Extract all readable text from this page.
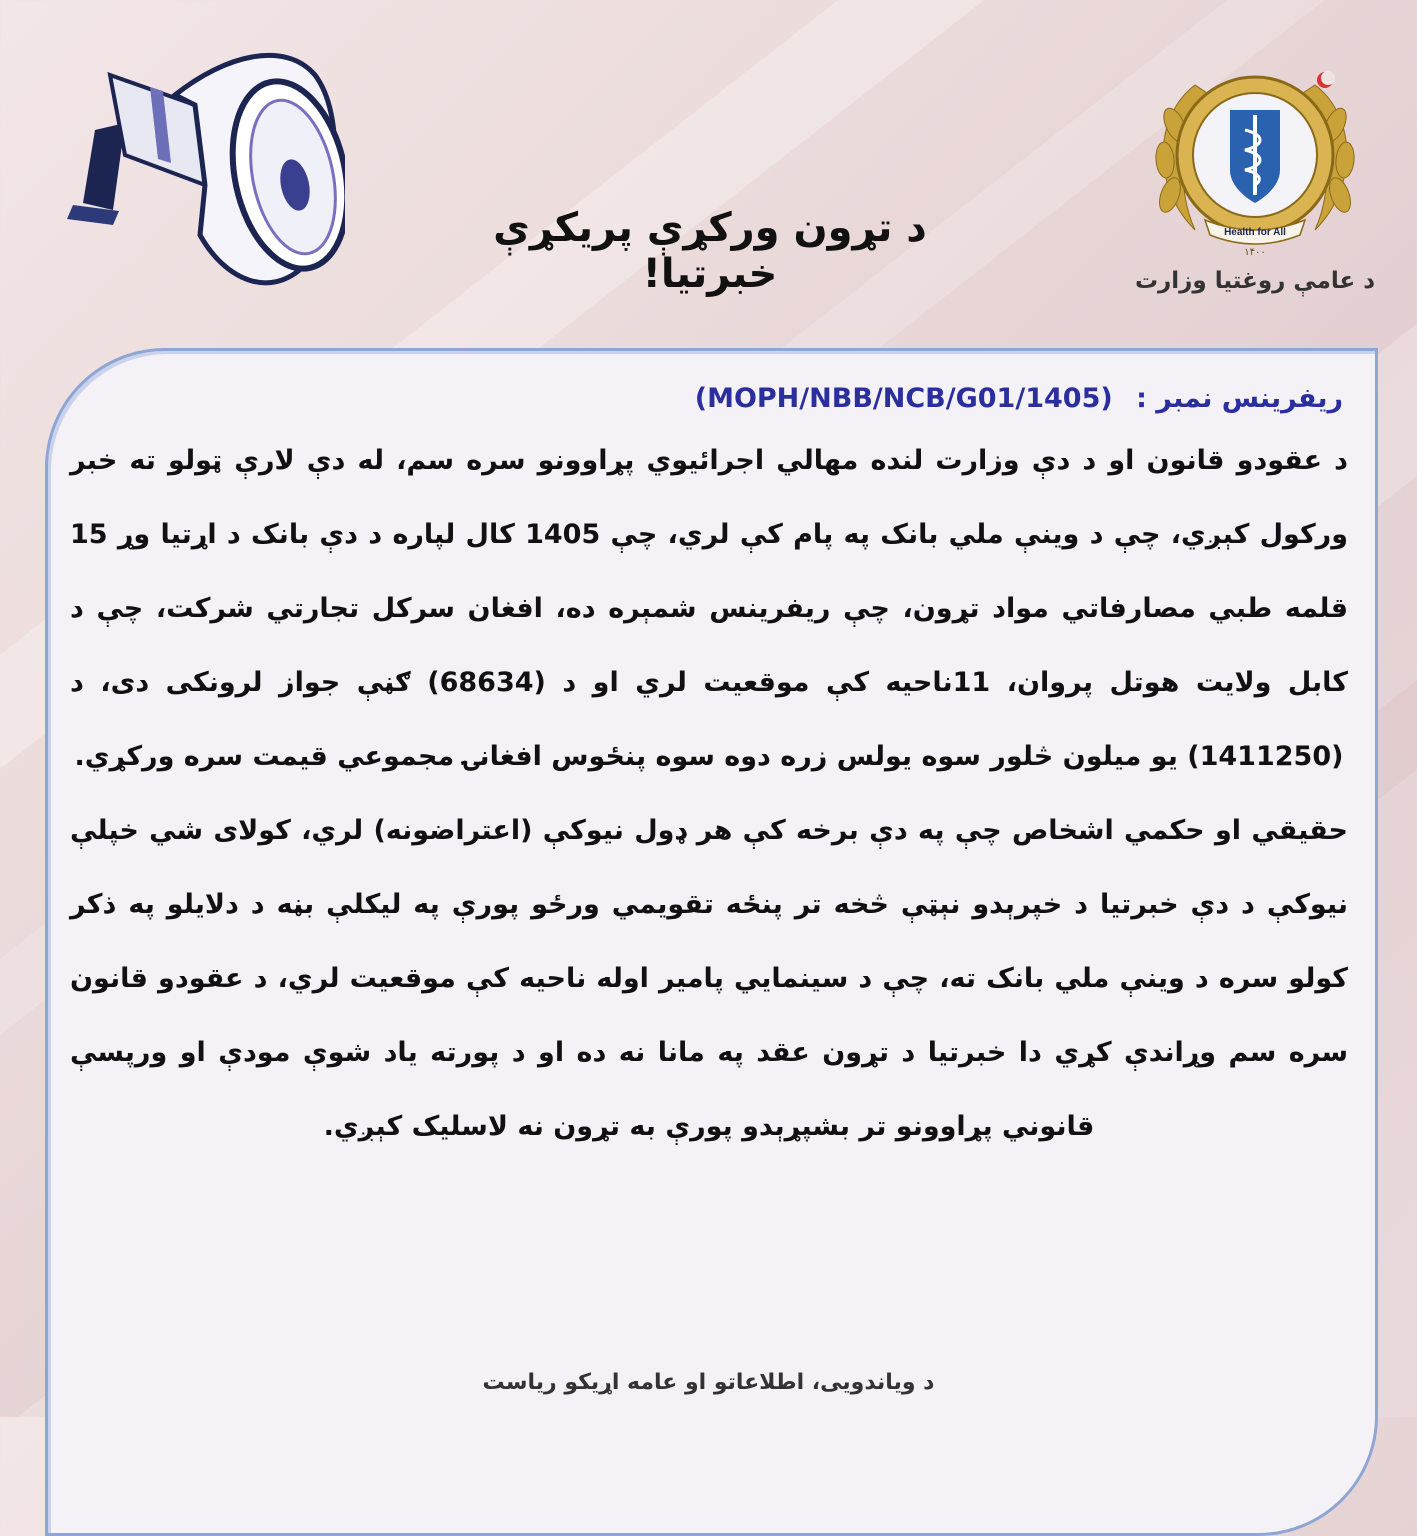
د تړون ورکړې پریکړې خبرتیا!
Health for All
۱۴۰۰
د عامې روغتیا وزارت
ریفرینس نمبر : (MOPH/NBB/NCB/G01/1405)

د عقودو قانون او د دې وزارت لنده مهالي اجرائیوي پړاوونو سره سم، له دې لارې ټولو ته خبر ورکول کېږي، چې د وینې ملي بانک په پام کې لري، چې 1405 کال لپاره د دې بانک د اړتیا وړ 15 قلمه طبي مصارفاتي مواد تړون، چې ریفرینس شمېره ده، افغان سرکل تجارتي شرکت، چې د کابل ولایت هوتل پروان، 11ناحیه کې موقعیت لري او د (68634) ګڼې جواز لرونکی دی، د (1411250) یو میلون څلور سوه یولس زره دوه سوه پنځوس افغانۍ مجموعي قیمت سره ورکړي.

حقیقي او حکمي اشخاص چې په دې برخه کې هر ډول نیوکې (اعتراضونه) لري، کولای شي خپلې نیوکې د دې خبرتیا د خپرېدو نېټې څخه تر پنځه تقویمي ورځو پورې په لیکلې بڼه د دلایلو په ذکر کولو سره د وینې ملي بانک ته، چې د سینمایي پامیر اوله ناحیه کې موقعیت لري، د عقودو قانون سره سم وړاندې کړي دا خبرتیا د تړون عقد په مانا نه ده او د پورته یاد شوې مودې او ورپسې قانوني پړاوونو تر بشپړېدو پورې به تړون نه لاسلیک کېږي.

د ویاندویی، اطلاعاتو او عامه اړیکو ریاست
